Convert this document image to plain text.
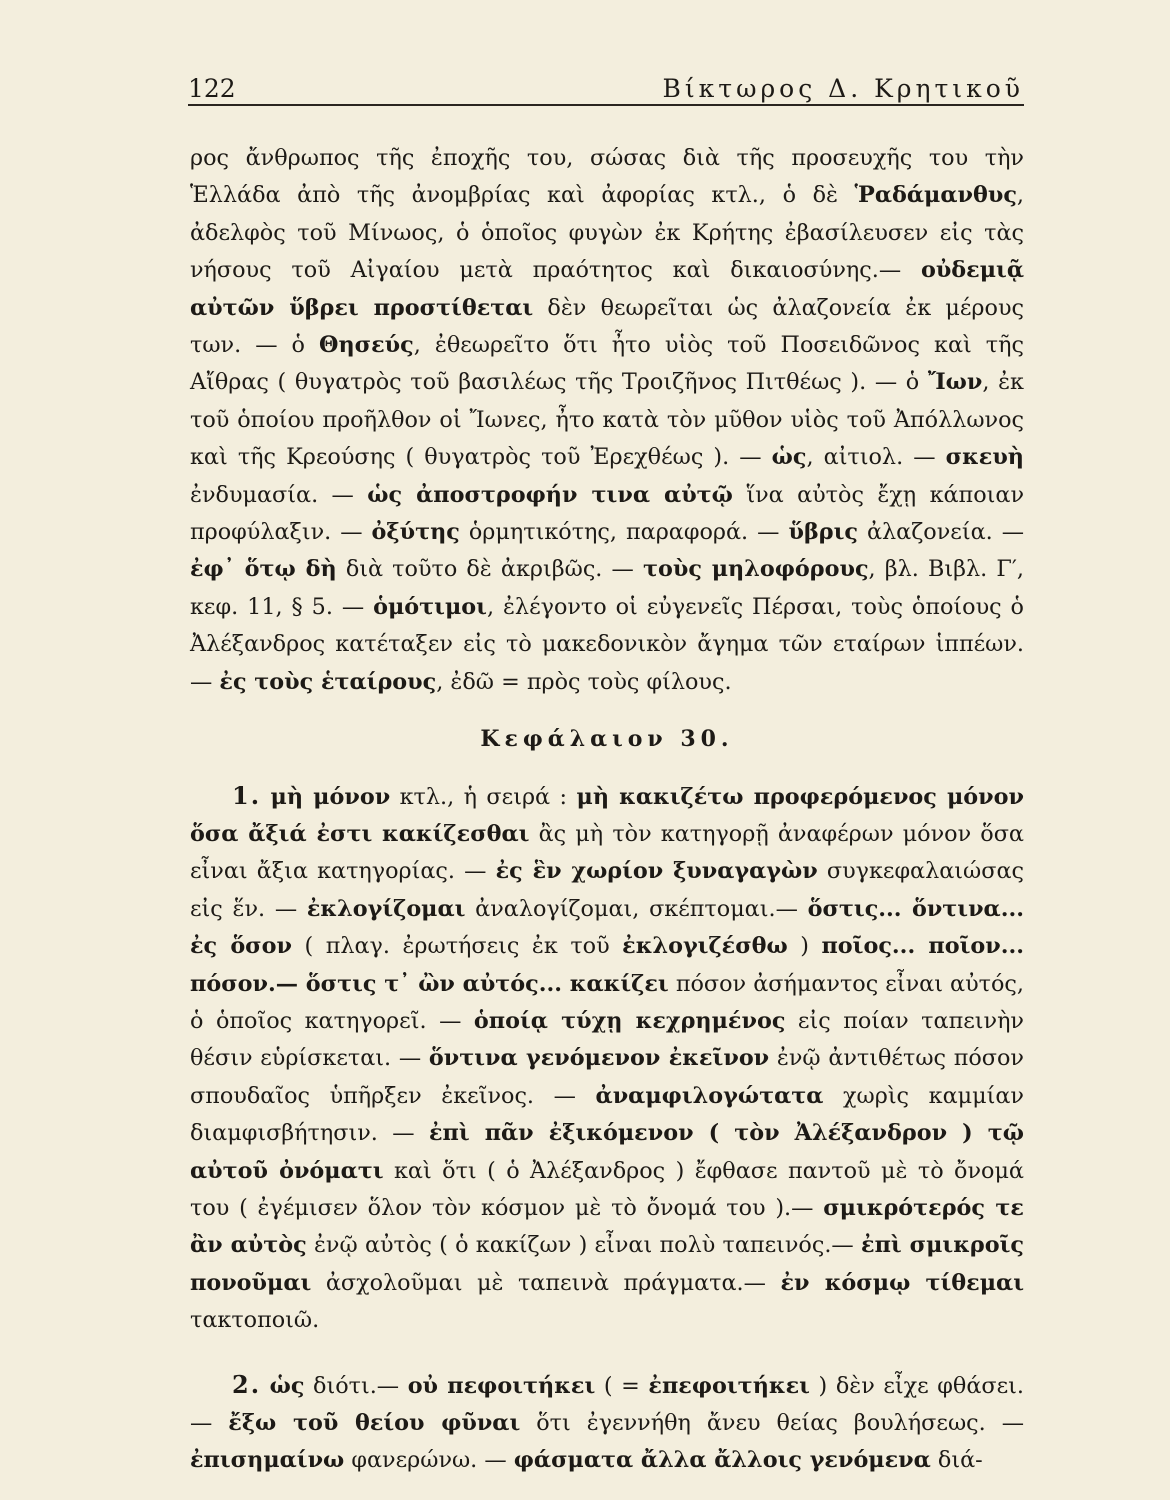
122	Βίκτωρος Δ. Κρητικοῦ

ρος ἄνθρωπος τῆς ἐποχῆς του, σώσας διὰ τῆς προσευχῆς του τὴν Ἑλλάδα ἀπὸ τῆς ἀνομβρίας καὶ ἀφορίας κτλ., ὁ δὲ Ῥαδάμανθυς, ἀδελφὸς τοῦ Μίνωος, ὁ ὁποῖος φυγὼν ἐκ Κρήτης ἐβασίλευσεν εἰς τὰς νήσους τοῦ Αἰγαίου μετὰ πραότητος καὶ δικαιοσύνης.— οὐδεμιᾷ αὐτῶν ὕβρει προστίθεται δὲν θεωρεῖται ὡς ἀλαζονεία ἐκ μέρους των. — ὁ Θησεύς, ἐθεωρεῖτο ὅτι ἦτο υἱὸς τοῦ Ποσειδῶνος καὶ τῆς Αἴθρας ( θυγατρὸς τοῦ βασιλέως τῆς Τροιζῆνος Πιτθέως ). — ὁ Ἴων, ἐκ τοῦ ὁποίου προῆλθον οἱ Ἴωνες, ἦτο κατὰ τὸν μῦθον υἱὸς τοῦ Ἀπόλλωνος καὶ τῆς Κρεούσης ( θυγατρὸς τοῦ Ἐρεχθέως ). — ὡς, αἰτιολ. — σκευὴ ἐνδυμασία. — ὡς ἀποστροφήν τινα αὐτῷ ἵνα αὐτὸς ἔχῃ κάποιαν προφύλαξιν. — ὀξύτης ὁρμητικότης, παραφορά. — ὕβρις ἀλαζονεία. — ἐφ᾽ ὅτῳ δὴ διὰ τοῦτο δὲ ἀκριβῶς. — τοὺς μηλοφόρους, βλ. Βιβλ. Γ′, κεφ. 11, § 5. — ὁμότιμοι, ἐλέγοντο οἱ εὐγενεῖς Πέρσαι, τοὺς ὁποίους ὁ Ἀλέξανδρος κατέταξεν εἰς τὸ μακεδονικὸν ἄγημα τῶν εταίρων ἱππέων. — ἐς τοὺς ἑταίρους, ἐδῶ = πρὸς τοὺς φίλους.

Κεφάλαιον 30.

1. μὴ μόνον κτλ., ἡ σειρά : μὴ κακιζέτω προφερόμενος μόνον ὅσα ἄξιά ἐστι κακίζεσθαι ἂς μὴ τὸν κατηγορῇ ἀναφέρων μόνον ὅσα εἶναι ἄξια κατηγορίας. — ἐς ἓν χωρίον ξυναγαγὼν συγκεφαλαιώσας εἰς ἕν. — ἐκλογίζομαι ἀναλογίζομαι, σκέπτομαι.— ὅστις... ὅντινα... ἐς ὅσον ( πλαγ. ἐρωτήσεις ἐκ τοῦ ἐκλογιζέσθω ) ποῖος... ποῖον... πόσον.— ὅστις τ᾽ ὢν αὐτός... κακίζει πόσον ἀσήμαντος εἶναι αὐτός, ὁ ὁποῖος κατηγορεῖ. — ὁποίᾳ τύχῃ κεχρημένος εἰς ποίαν ταπεινὴν θέσιν εὑρίσκεται. — ὅντινα γενόμενον ἐκεῖνον ἐνῷ ἀντιθέτως πόσον σπουδαῖος ὑπῆρξεν ἐκεῖνος. — ἀναμφιλογώτατα χωρὶς καμμίαν διαμφισβήτησιν. — ἐπὶ πᾶν ἐξικόμενον ( τὸν Ἀλέξανδρον ) τῷ αὐτοῦ ὀνόματι καὶ ὅτι ( ὁ Ἀλέξανδρος ) ἔφθασε παντοῦ μὲ τὸ ὄνομά του ( ἐγέμισεν ὅλον τὸν κόσμον μὲ τὸ ὄνομά του ).— σμικρότερός τε ἂν αὐτὸς ἐνῷ αὐτὸς ( ὁ κακίζων ) εἶναι πολὺ ταπεινός.— ἐπὶ σμικροῖς πονοῦμαι ἀσχολοῦμαι μὲ ταπεινὰ πράγματα.— ἐν κόσμῳ τίθεμαι τακτοποιῶ.

2. ὡς διότι.— οὐ πεφοιτήκει ( = ἐπεφοιτήκει ) δὲν εἶχε φθάσει. — ἔξω τοῦ θείου φῦναι ὅτι ἐγεννήθη ἄνευ θείας βουλήσεως. — ἐπισημαίνω φανερώνω. — φάσματα ἄλλα ἄλλοις γενόμενα διά-
